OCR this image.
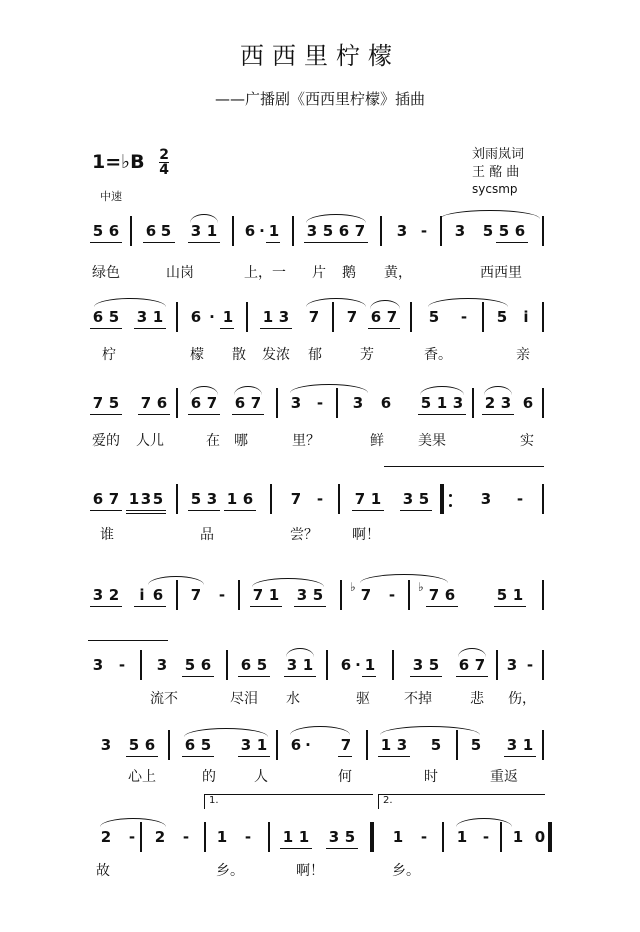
西西里柠檬
——广播剧《西西里柠檬》插曲
1=♭B $\frac{2}{4}$
中速
刘雨岚词
王 酩 曲
sycsmp
5 6 6 5 3 1 6 · 1 3 5 6 7 3 - 3 5 5 6
绿色	山岗	上，一 片 鹅 黄，	西西里
6 5 3 1 6 · 1 1 3 7 7 6 7 5 - 5 i
柠	檬 散 发浓 郁	芳	香。	亲
7 5 7 6 6 7 6 7 3 - 3 6 5 1 3 2 3 6
爱的 人儿	在 哪	里？	鲜 美果	实
6 7 1 3 5 5 3 1 6	7 - 7 1 3 5	3 -
谁	品	尝？ 啊！
3 2 i 6 7 - 7 1 3 5 ♭ 7 - ♭ 7 6	5 1
3 - 3 5 6 6 5 3 1 6 · 1	3 5 6 7 3 -
流不	尽泪 水	驱 不掉	悲 伤，
3 5 6 6 5 3 1 6 · 7 1 3 5 5 3 1
心上	的	人	何	时	重返
1.	2.
2 - 2 - 1 - 1 1 3 5	1 - 1 - 1 0
故	乡。	啊！	乡。
